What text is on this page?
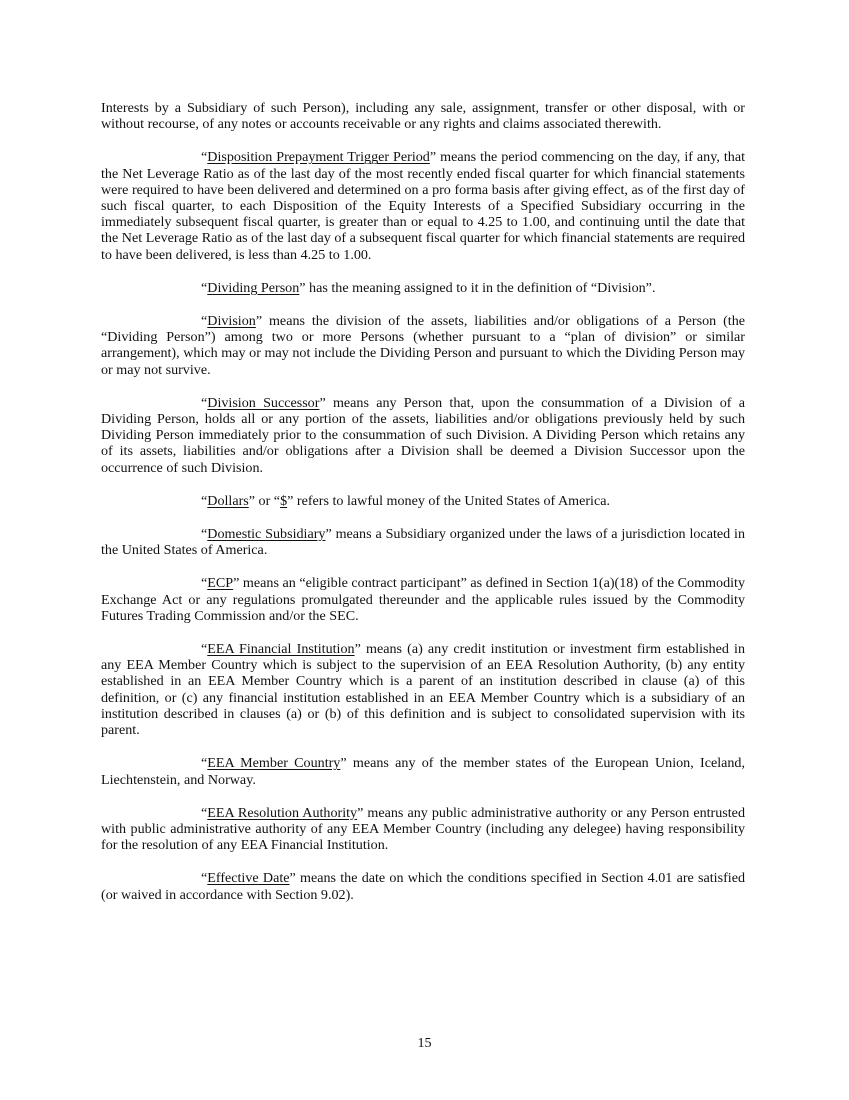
Interests by a Subsidiary of such Person), including any sale, assignment, transfer or other disposal, with or without recourse, of any notes or accounts receivable or any rights and claims associated therewith.

“Disposition Prepayment Trigger Period” means the period commencing on the day, if any, that the Net Leverage Ratio as of the last day of the most recently ended fiscal quarter for which financial statements were required to have been delivered and determined on a pro forma basis after giving effect, as of the first day of such fiscal quarter, to each Disposition of the Equity Interests of a Specified Subsidiary occurring in the immediately subsequent fiscal quarter, is greater than or equal to 4.25 to 1.00, and continuing until the date that the Net Leverage Ratio as of the last day of a subsequent fiscal quarter for which financial statements are required to have been delivered, is less than 4.25 to 1.00.

“Dividing Person” has the meaning assigned to it in the definition of “Division”.

“Division” means the division of the assets, liabilities and/or obligations of a Person (the “Dividing Person”) among two or more Persons (whether pursuant to a “plan of division” or similar arrangement), which may or may not include the Dividing Person and pursuant to which the Dividing Person may or may not survive.

“Division Successor” means any Person that, upon the consummation of a Division of a Dividing Person, holds all or any portion of the assets, liabilities and/or obligations previously held by such Dividing Person immediately prior to the consummation of such Division. A Dividing Person which retains any of its assets, liabilities and/or obligations after a Division shall be deemed a Division Successor upon the occurrence of such Division.

“Dollars” or “$” refers to lawful money of the United States of America.

“Domestic Subsidiary” means a Subsidiary organized under the laws of a jurisdiction located in the United States of America.

“ECP” means an “eligible contract participant” as defined in Section 1(a)(18) of the Commodity Exchange Act or any regulations promulgated thereunder and the applicable rules issued by the Commodity Futures Trading Commission and/or the SEC.

“EEA Financial Institution” means (a) any credit institution or investment firm established in any EEA Member Country which is subject to the supervision of an EEA Resolution Authority, (b) any entity established in an EEA Member Country which is a parent of an institution described in clause (a) of this definition, or (c) any financial institution established in an EEA Member Country which is a subsidiary of an institution described in clauses (a) or (b) of this definition and is subject to consolidated supervision with its parent.

“EEA Member Country” means any of the member states of the European Union, Iceland, Liechtenstein, and Norway.

“EEA Resolution Authority” means any public administrative authority or any Person entrusted with public administrative authority of any EEA Member Country (including any delegee) having responsibility for the resolution of any EEA Financial Institution.

“Effective Date” means the date on which the conditions specified in Section 4.01 are satisfied (or waived in accordance with Section 9.02).

15
